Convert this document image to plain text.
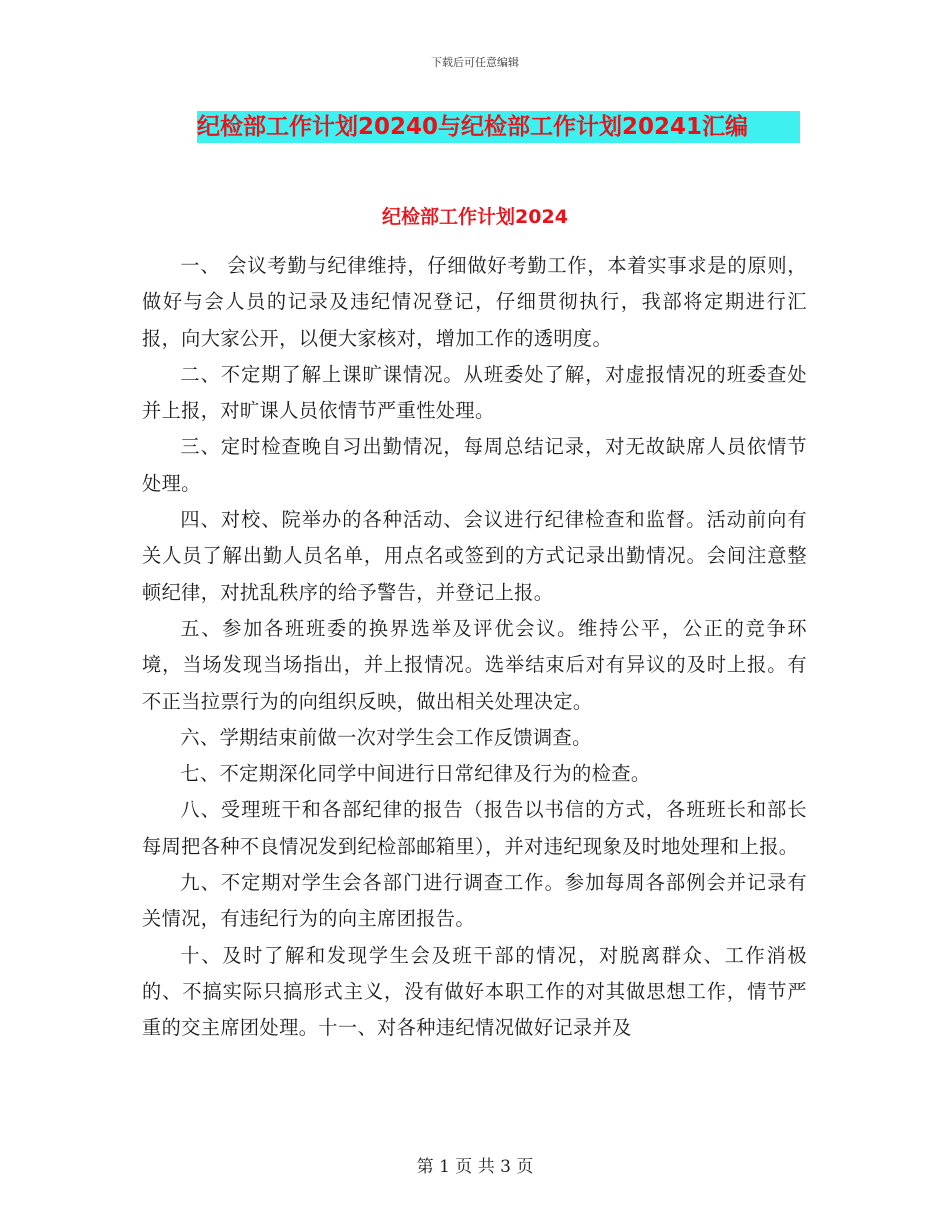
下载后可任意编辑
纪检部工作计划20240与纪检部工作计划20241汇编
纪检部工作计划2024

一、 会议考勤与纪律维持，仔细做好考勤工作，本着实事求是的原则，做好与会人员的记录及违纪情况登记，仔细贯彻执行，我部将定期进行汇报，向大家公开，以便大家核对，增加工作的透明度。

二、不定期了解上课旷课情况。从班委处了解，对虚报情况的班委查处并上报，对旷课人员依情节严重性处理。

三、定时检查晚自习出勤情况，每周总结记录，对无故缺席人员依情节处理。

四、对校、院举办的各种活动、会议进行纪律检查和监督。活动前向有关人员了解出勤人员名单，用点名或签到的方式记录出勤情况。会间注意整顿纪律，对扰乱秩序的给予警告，并登记上报。

五、参加各班班委的换界选举及评优会议。维持公平，公正的竞争环境，当场发现当场指出，并上报情况。选举结束后对有异议的及时上报。有不正当拉票行为的向组织反映，做出相关处理决定。

六、学期结束前做一次对学生会工作反馈调查。

七、不定期深化同学中间进行日常纪律及行为的检查。

八、受理班干和各部纪律的报告（报告以书信的方式，各班班长和部长每周把各种不良情况发到纪检部邮箱里），并对违纪现象及时地处理和上报。

九、不定期对学生会各部门进行调查工作。参加每周各部例会并记录有关情况，有违纪行为的向主席团报告。

十、及时了解和发现学生会及班干部的情况，对脱离群众、工作消极的、不搞实际只搞形式主义，没有做好本职工作的对其做思想工作，情节严重的交主席团处理。十一、对各种违纪情况做好记录并及

第 1 页 共 3 页
